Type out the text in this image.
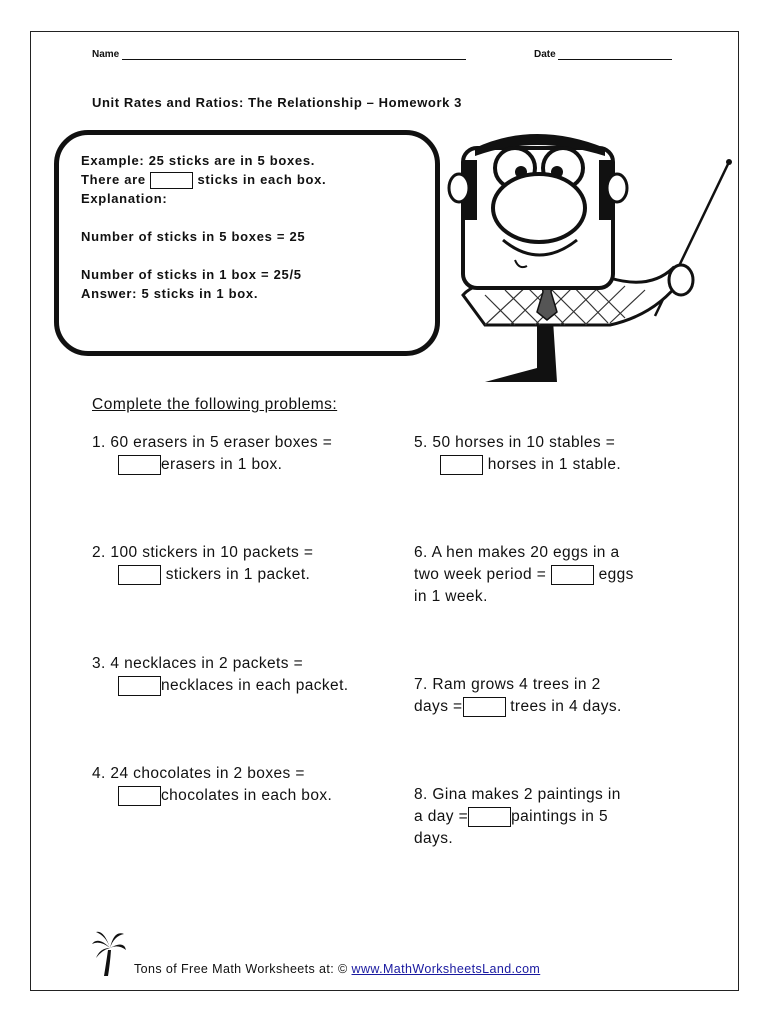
Name	Date
Unit Rates and Ratios: The Relationship – Homework 3
Example: 25 sticks are in 5 boxes.
There are	sticks in each box.
Explanation:
Number of sticks in 5 boxes = 25
Number of sticks in 1 box = 25/5
Answer: 5 sticks in 1 box.
Complete the following problems:
1. 60 erasers in 5 eraser boxes =
erasers in 1 box.
2. 100 stickers in 10 packets =
stickers in 1 packet.
3. 4 necklaces in 2 packets =
necklaces in each packet.
4. 24 chocolates in 2 boxes =
chocolates in each box.
5. 50 horses in 10 stables =
horses in 1 stable.
6. A hen makes 20 eggs in a
two week period =	eggs
in 1 week.
7. Ram grows 4 trees in 2
days =	trees in 4 days.
8. Gina makes 2 paintings in
a day =	paintings in 5
days.
Tons of Free Math Worksheets at: © www.MathWorksheetsLand.com
